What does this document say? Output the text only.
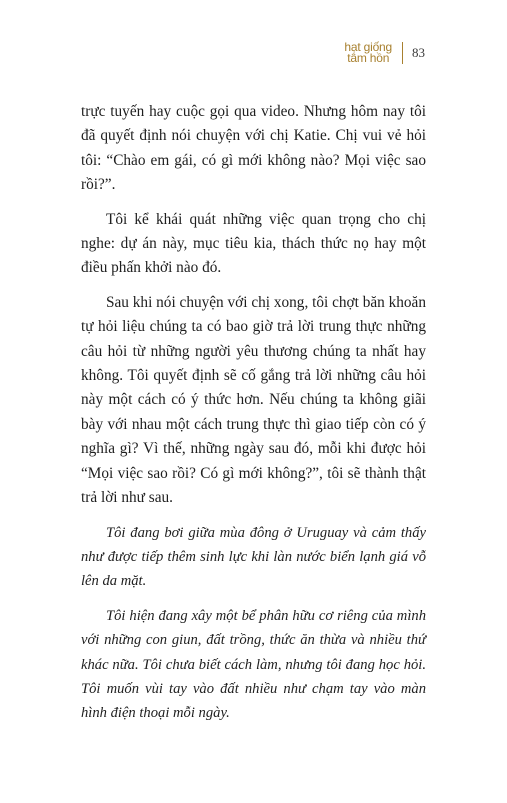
hạt giống
tâm hồn 83

trực tuyến hay cuộc gọi qua video. Nhưng hôm nay tôi đã quyết định nói chuyện với chị Katie. Chị vui vẻ hỏi tôi: “Chào em gái, có gì mới không nào? Mọi việc sao rồi?”.

Tôi kể khái quát những việc quan trọng cho chị nghe: dự án này, mục tiêu kia, thách thức nọ hay một điều phấn khởi nào đó.

Sau khi nói chuyện với chị xong, tôi chợt băn khoăn tự hỏi liệu chúng ta có bao giờ trả lời trung thực những câu hỏi từ những người yêu thương chúng ta nhất hay không. Tôi quyết định sẽ cố gắng trả lời những câu hỏi này một cách có ý thức hơn. Nếu chúng ta không giãi bày với nhau một cách trung thực thì giao tiếp còn có ý nghĩa gì? Vì thế, những ngày sau đó, mỗi khi được hỏi “Mọi việc sao rồi? Có gì mới không?”, tôi sẽ thành thật trả lời như sau.

Tôi đang bơi giữa mùa đông ở Uruguay và cảm thấy như được tiếp thêm sinh lực khi làn nước biển lạnh giá vỗ lên da mặt.

Tôi hiện đang xây một bể phân hữu cơ riêng của mình với những con giun, đất trồng, thức ăn thừa và nhiều thứ khác nữa. Tôi chưa biết cách làm, nhưng tôi đang học hỏi. Tôi muốn vùi tay vào đất nhiều như chạm tay vào màn hình điện thoại mỗi ngày.
